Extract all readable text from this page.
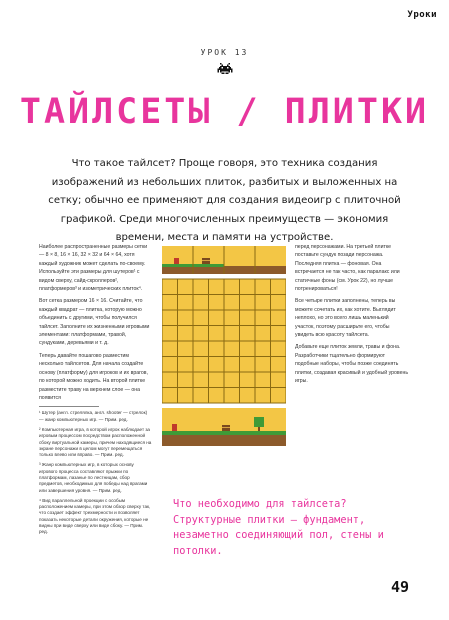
Уроки
УРОК 13
ТАЙЛСЕТЫ / ПЛИТКИ
Что такое тайлсет? Проще говоря, это техника создания изображений из небольших плиток, разбитых и выложенных на сетку; обычно ее применяют для создания видеоигр с плиточной графикой. Среди многочисленных преимуществ — экономия времени, места и памяти на устройстве.

Наиболее распространенные размеры сетки — 8 × 8, 16 × 16, 32 × 32 и 64 × 64, хотя каждый художник может сделать по-своему. Используйте эти размеры для шутеров¹ с видом сверху, сайд-скроллеров², платформеров³ и изометрических плиток⁴.

Вот сетка размером 16 × 16. Считайте, что каждый квадрат — плитка, которую можно объединить с другими, чтобы получился тайлсет. Заполните их жизненными игровыми элементами: платформами, травой, сундуками, деревьями и т. д.

Теперь давайте пошагово разместим несколько тайлсетов. Для начала создайте основу (платформу) для игроков и их врагов, по которой можно ходить. На второй плитке разместите траву на верхнем слое — она появится

¹ Шутер (англ. стрелялка, англ. shooter — стрелок) — жанр компьютерных игр. — Прим. ред.

² Компьютерная игра, в которой игрок наблюдает за игровым процессом посредством расположенной сбоку виртуальной камеры, причем находящиеся на экране персонажи в целом могут перемещаться только влево или вправо. — Прим. ред.

³ Жанр компьютерных игр, в которых основу игрового процесса составляют прыжки по платформам, лазанье по лестницам, сбор предметов, необходимых для победы над врагами или завершения уровня. — Прим. ред.

⁴ Вид параллельной проекции с особым расположением камеры, при этом обзор сверху так, что создает эффект трехмерности и позволяет показать некоторые детали окружения, которые не видны при виде сверху или виде сбоку. — Прим. ред.

перед персонажами. На третьей плитке поставьте сундук позади персонажа. Последняя плитка — фоновая. Она встречается не так часто, как паралакс или статичные фоны (см. Урок 22), но лучше потренироваться!

Все четыре плитки заполнены, теперь вы можете сочетать их, как хотите. Выглядит неплохо, но это всего лишь маленький участок, поэтому расширьте его, чтобы увидеть всю красоту тайлсета.

Добавьте еще плиток земли, травы и фона. Разработчики тщательно формируют подобные наборы, чтобы позже соединять плитки, создавая красивый и удобный уровень игры.

Что необходимо для тайлсета? Структурные плитки — фундамент, незаметно соединяющий пол, стены и потолки.
49
